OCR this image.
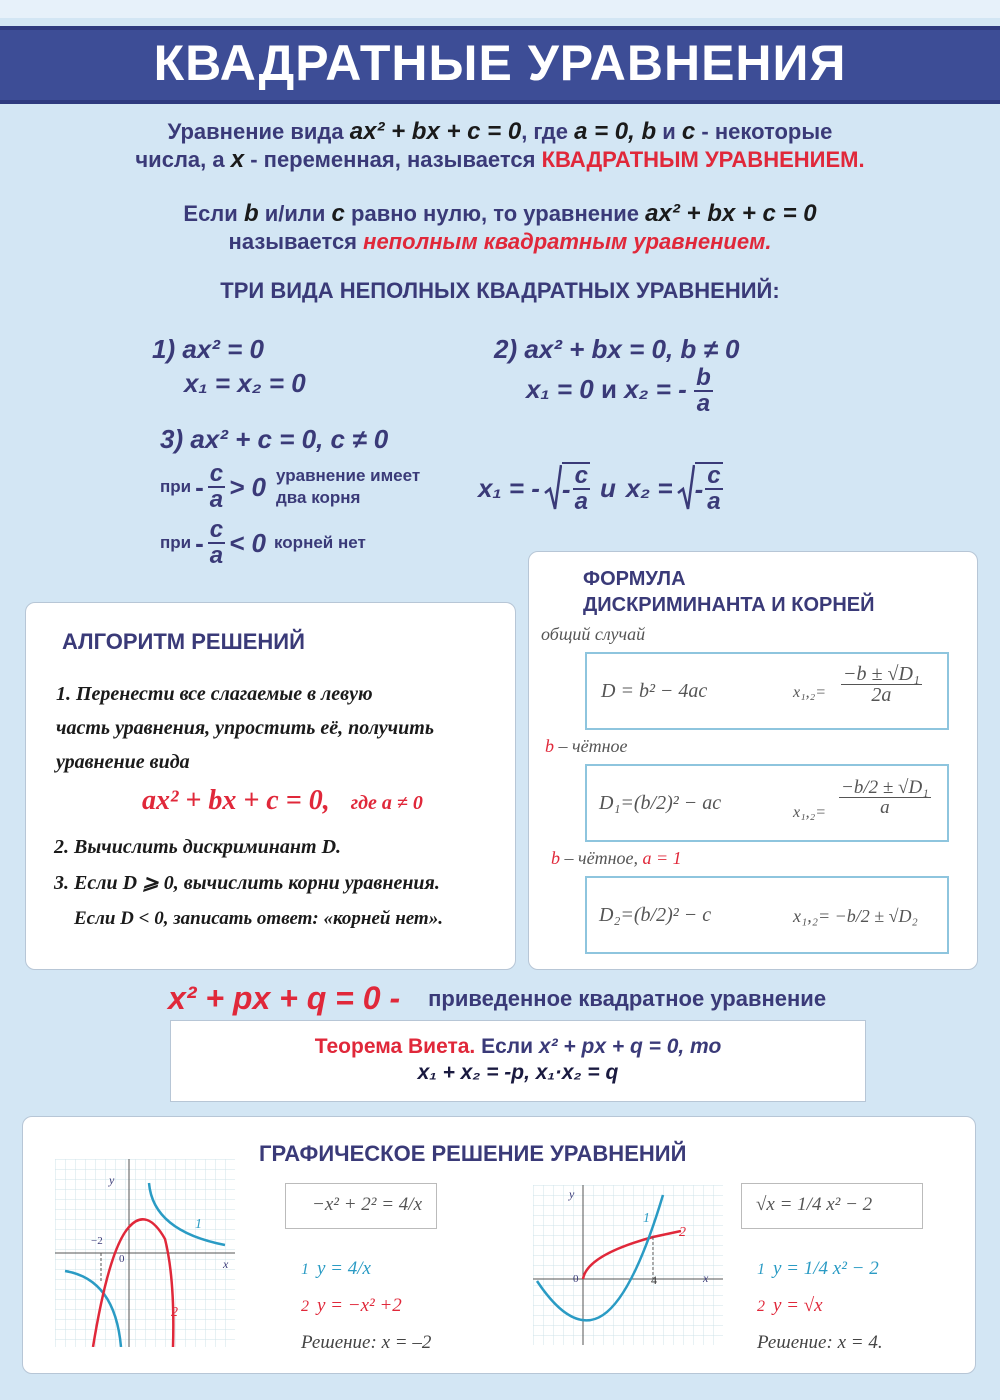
КВАДРАТНЫЕ УРАВНЕНИЯ
Уравнение вида ax² + bx + c = 0, где a = 0, b и c - некоторые
числа, а x - переменная, называется КВАДРАТНЫМ УРАВНЕНИЕМ.
Если b и/или c равно нулю, то уравнение ax² + bx + c = 0
называется неполным квадратным уравнением.
ТРИ ВИДА НЕПОЛНЫХ КВАДРАТНЫХ УРАВНЕНИЙ:
1) ax² = 0
x₁ = x₂ = 0
2) ax² + bx = 0, b ≠ 0
x₁ = 0 и x₂ = - $\frac{b}{a}$
3) ax² + c = 0, c ≠ 0
при - $\frac{c}{a} > 0$ уравнение имеет
два корня	x₁ = - - $\frac{c}{a}$ и x₂ = - $\frac{c}{a}$
при - $\frac{c}{a} < 0$ корней нет
АЛГОРИТМ РЕШЕНИЙ
1. Перенести все слагаемые в левую
часть уравнения, упростить её, получить
уравнение вида
ax² + bx + c = 0, где a ≠ 0
2. Вычислить дискриминант D.
3. Если D ⩾ 0, вычислить корни уравнения.
Если D < 0, записать ответ: «корней нет».
ФОРМУЛА
ДИСКРИМИНАНТА И КОРНЕЙ
общий случай
D = b² − 4ac	$x_1,_2= \frac{\text{−b ± √D₁}}{2a}$
b – чётное
D₁=(b/2)² − ac	$x_1,_2= \frac{\text{−b/2 ± √D₁}}{a}$
b – чётное, a = 1
D₂=(b/2)² − c	x₁,₂= −b/2 ± √D₂
x² + px + q = 0 - приведенное квадратное уравнение
Теорема Виета. Если x² + px + q = 0, то
x₁ + x₂ = -p, x₁·x₂ = q
ГРАФИЧЕСКОЕ РЕШЕНИЕ УРАВНЕНИЙ
y
x
0
−2
1
2
−x² + 2² = 4/x
1 y = 4/x
2 y = −x² +2
Решение: x = –2
y
x
0	4
1
2
√x = 1/4 x² − 2
1 y = 1/4 x² − 2
2 y = √x
Решение: x = 4.
